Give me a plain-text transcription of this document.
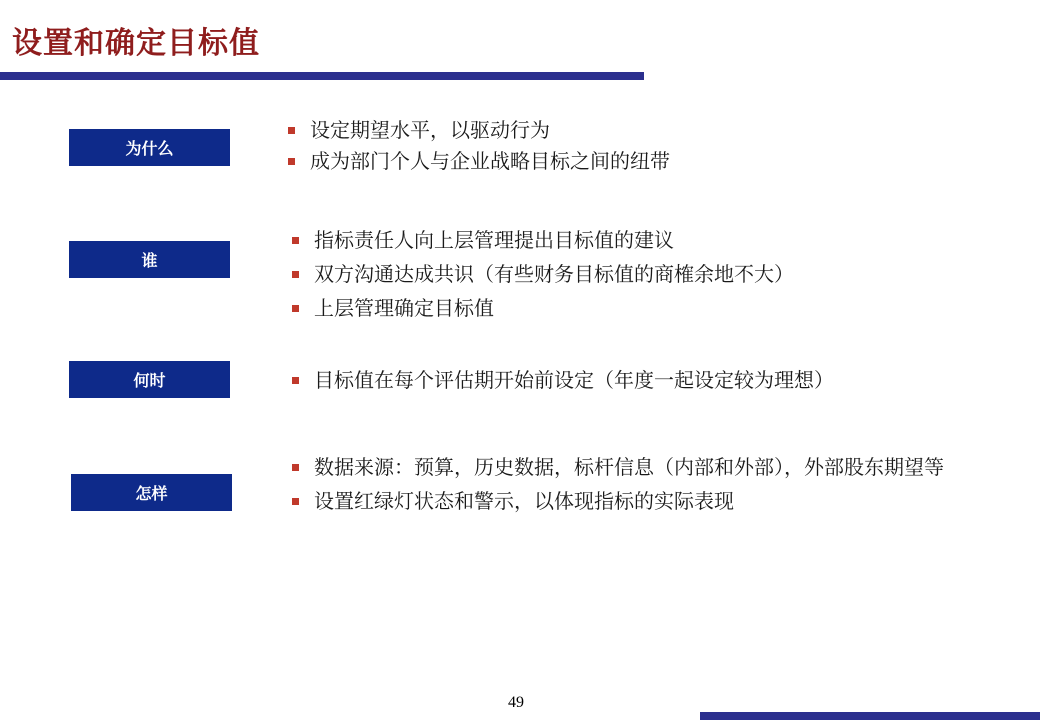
设置和确定目标值
为什么
设定期望水平，以驱动行为
成为部门个人与企业战略目标之间的纽带
谁
指标责任人向上层管理提出目标值的建议
双方沟通达成共识（有些财务目标值的商榷余地不大）
上层管理确定目标值
何时	目标值在每个评估期开始前设定（年度一起设定较为理想）
怎样
数据来源：预算，历史数据，标杆信息（内部和外部），外部股东期望等
设置红绿灯状态和警示，以体现指标的实际表现
49
